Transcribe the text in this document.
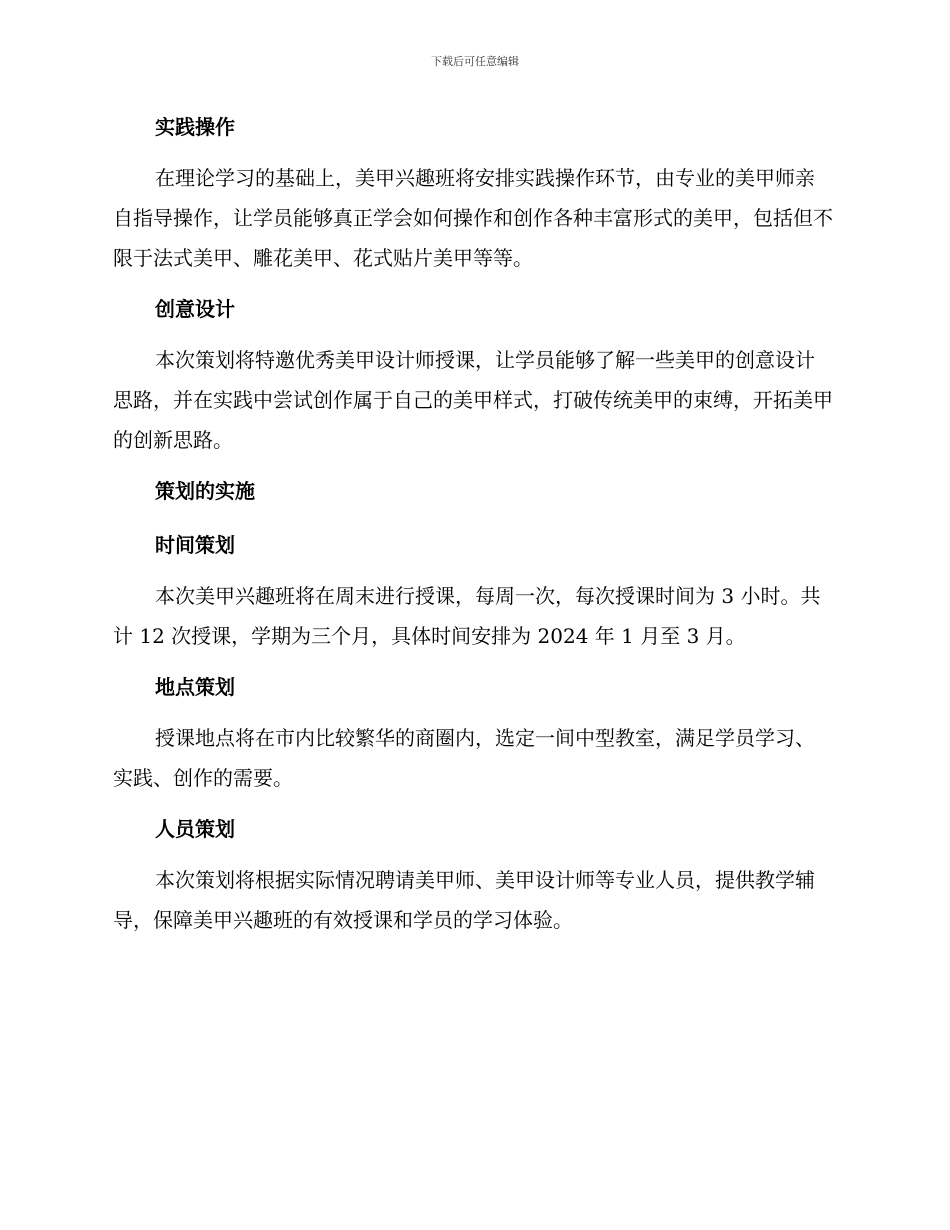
下载后可任意编辑
实践操作

在理论学习的基础上，美甲兴趣班将安排实践操作环节，由专业的美甲师亲自指导操作，让学员能够真正学会如何操作和创作各种丰富形式的美甲，包括但不限于法式美甲、雕花美甲、花式贴片美甲等等。

创意设计

本次策划将特邀优秀美甲设计师授课，让学员能够了解一些美甲的创意设计思路，并在实践中尝试创作属于自己的美甲样式，打破传统美甲的束缚，开拓美甲的创新思路。

策划的实施
时间策划

本次美甲兴趣班将在周末进行授课，每周一次，每次授课时间为 3 小时。共计 12 次授课，学期为三个月，具体时间安排为 2024 年 1 月至 3 月。

地点策划

授课地点将在市内比较繁华的商圈内，选定一间中型教室，满足学员学习、实践、创作的需要。

人员策划

本次策划将根据实际情况聘请美甲师、美甲设计师等专业人员，提供教学辅导，保障美甲兴趣班的有效授课和学员的学习体验。
